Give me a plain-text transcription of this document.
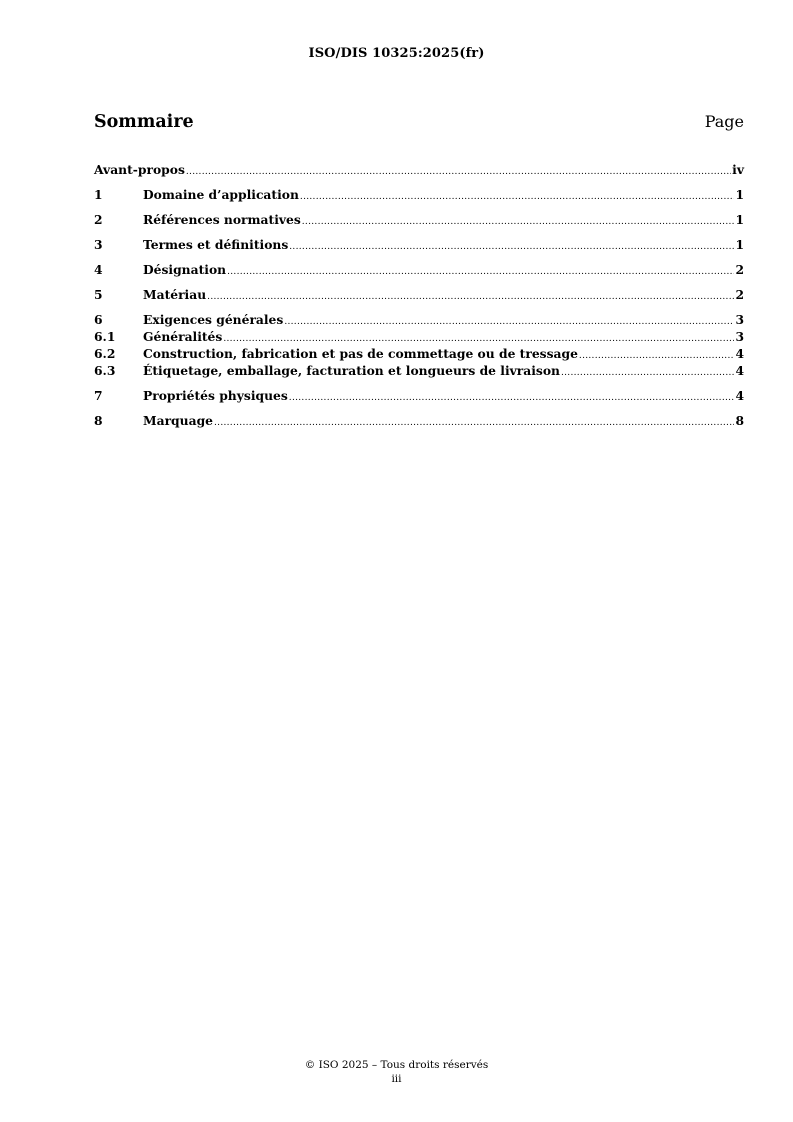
ISO/DIS 10325:2025(fr)
Sommaire	Page
Avant-propos .....	iv
1	Domaine d’application .....	1
2	Références normatives .....	1
3	Termes et définitions .....	1
4	Désignation .....	2
5	Matériau .....	2
6	Exigences générales .....	3
6.1	Généralités .....	3
6.2	Construction, fabrication et pas de commettage ou de tressage .....	4
6.3	Étiquetage, emballage, facturation et longueurs de livraison .....	4
7	Propriétés physiques .....	4
8	Marquage .....	8
© ISO 2025 – Tous droits réservés
iii
